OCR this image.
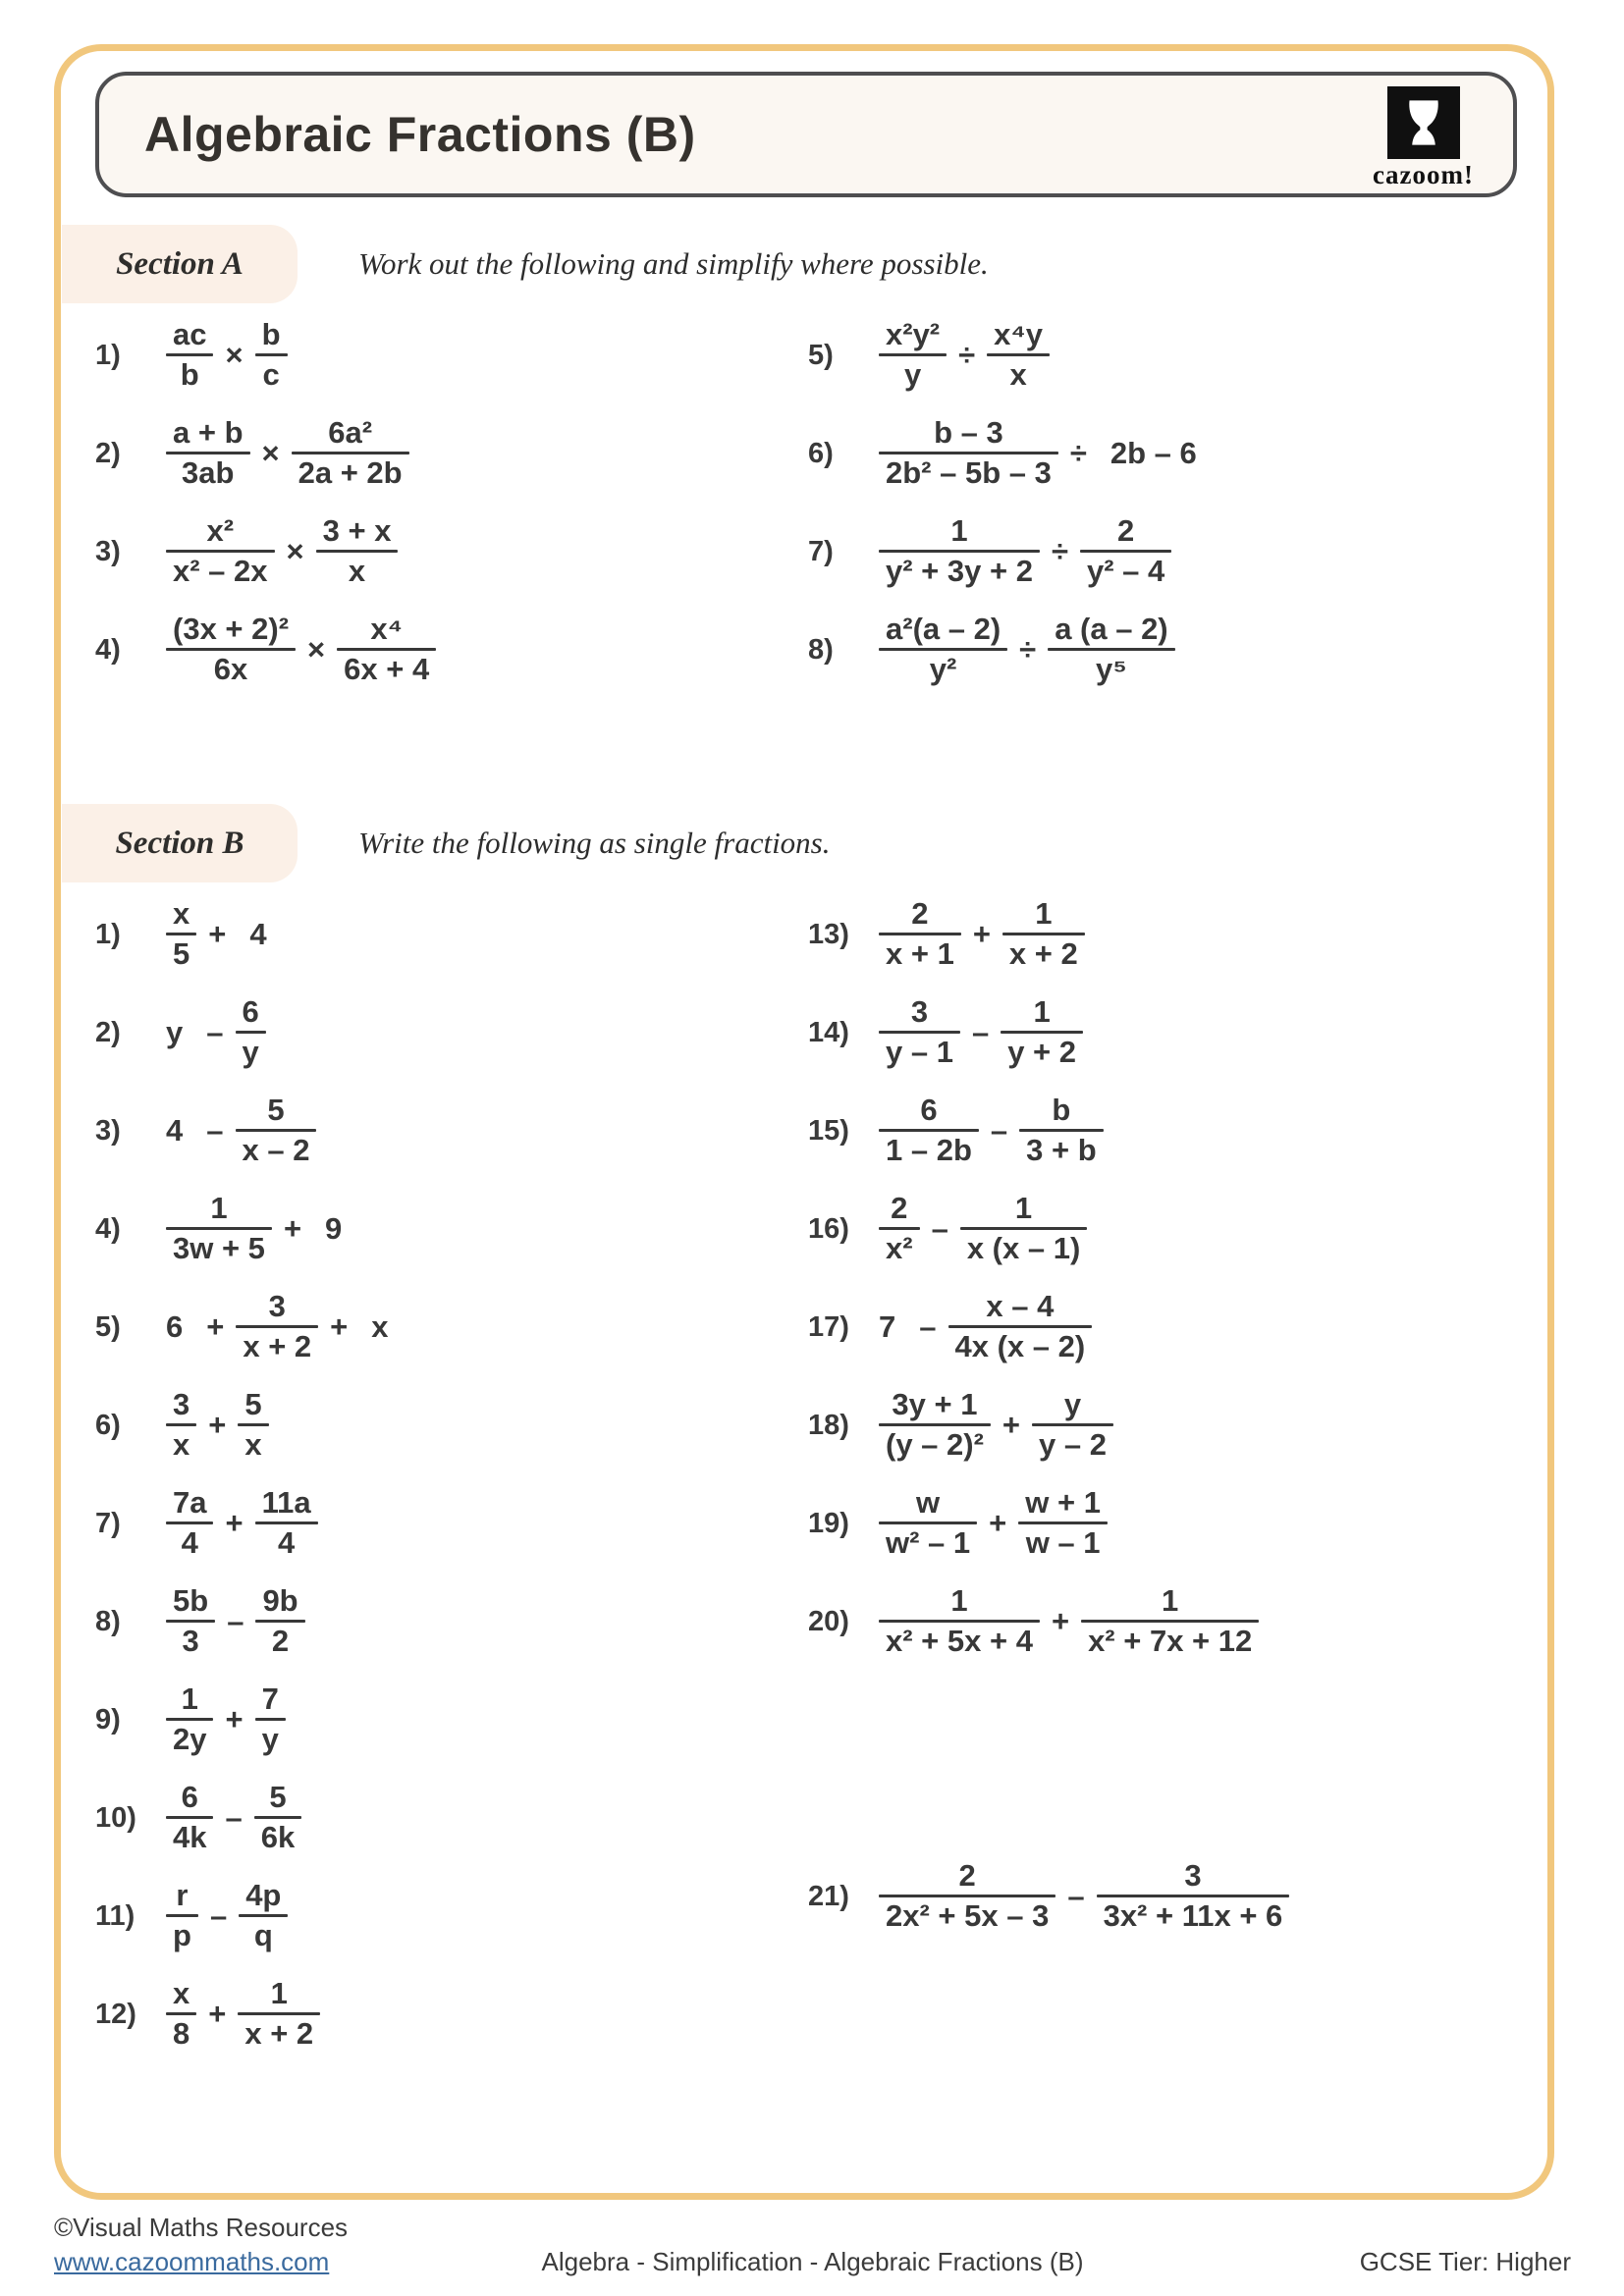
Algebraic Fractions (B)
cazoom!
Section A	Work out the following and simplify where possible.
1)	$\frac{ac}{b} \times \frac{b}{c}$
2)	$\frac{a + b}{3ab} \times \frac{\text{6a²}}{2a + 2b}$
3)	$\frac{\text{x²}}{\text{x² – 2x}} \times \frac{3 + x}{x}$
4)	$\frac{\text{(3x + 2)²}}{6x} \times \frac{\text{x⁴}}{6x + 4}$
5)	$\frac{\text{x²y²}}{y} \div \frac{\text{x⁴y}}{x}$
6)	$\frac{b - 3}{\text{2b² – 5b – 3}} \div 2b - 6$
7)	$\frac{1}{\text{y² + 3y + 2}} \div \frac{2}{\text{y² – 4}}$
8)	$\frac{\text{a²(a – 2)}}{\text{y²}} \div \frac{a (a - 2)}{\text{y⁵}}$
Section B	Write the following as single fractions.
1)	$\frac{x}{5} + 4$
2)	y – $\frac{6}{y}$
3)	$4 - \frac{5}{x - 2}$
4)	$\frac{1}{3w + 5} + 9$
5)	$6 + \frac{3}{x + 2} + x$
6)	$\frac{3}{x} + \frac{5}{x}$
7)	$\frac{7a}{4} + \frac{11a}{4}$
8)	$\frac{5b}{3} - \frac{9b}{2}$
9)	$\frac{1}{2y} + \frac{7}{y}$
$10) \frac{6}{4k} - \frac{5}{6k}$
11)	$\frac{r}{p} - \frac{4p}{q}$
$12) \frac{x}{8} + \frac{1}{x + 2}$
$13) \frac{2}{x + 1} + \frac{1}{x + 2}$
$14) \frac{3}{y - 1} - \frac{1}{y + 2}$
$15) \frac{6}{1 - 2b} - \frac{b}{3 + b}$
$16) \frac{2}{\text{x²}} - \frac{1}{x (x - 1)}$
17) $7 - \frac{x - 4}{4x (x - 2)}$
$18) \frac{3y + 1}{\text{(y – 2)²}} + \frac{y}{y - 2}$
$19) \frac{w}{\text{w² – 1}} + \frac{w + 1}{w - 1}$
$20) \frac{1}{\text{x² + 5x + 4}} + \frac{1}{\text{x² + 7x + 12}}$
$21) \frac{2}{\text{2x² + 5x – 3}} - \frac{3}{\text{3x² + 11x + 6}}$
©Visual Maths Resources
www.cazoommaths.com	Algebra - Simplification - Algebraic Fractions (B)	GCSE Tier: Higher
